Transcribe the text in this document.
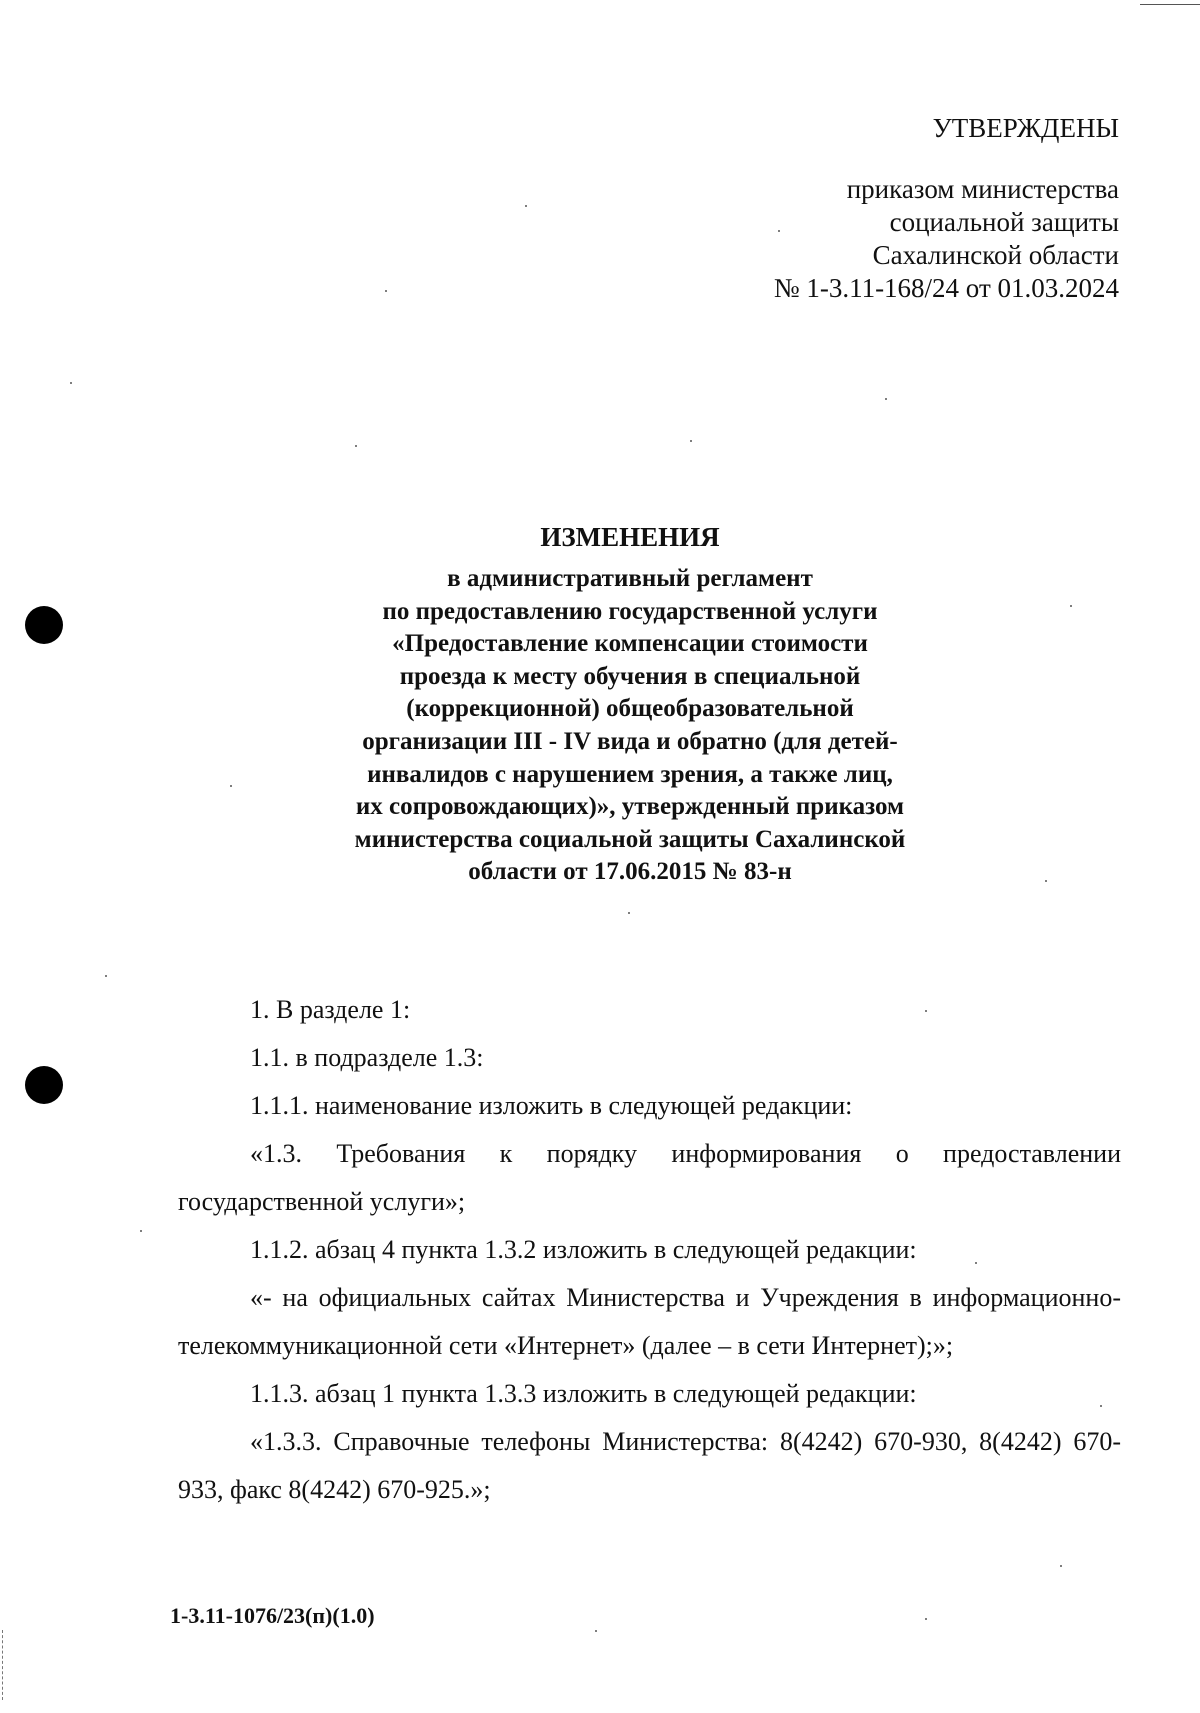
УТВЕРЖДЕНЫ
приказом министерства
социальной защиты
Сахалинской области
№ 1-3.11-168/24 от 01.03.2024
ИЗМЕНЕНИЯ
в административный регламент
по предоставлению государственной услуги
«Предоставление компенсации стоимости
проезда к месту обучения в специальной
(коррекционной) общеобразовательной
организации III - IV вида и обратно (для детей-
инвалидов с нарушением зрения, а также лиц,
их сопровождающих)», утвержденный приказом
министерства социальной защиты Сахалинской
области от 17.06.2015 № 83-н

1. В разделе 1:

1.1. в подразделе 1.3:

1.1.1. наименование изложить в следующей редакции:

«1.3. Требования к порядку информирования о предоставлении государственной услуги»;

1.1.2. абзац 4 пункта 1.3.2 изложить в следующей редакции:

«- на официальных сайтах Министерства и Учреждения в информационно-телекоммуникационной сети «Интернет» (далее – в сети Интернет);»;

1.1.3. абзац 1 пункта 1.3.3 изложить в следующей редакции:

«1.3.3. Справочные телефоны Министерства: 8(4242) 670-930, 8(4242) 670-933, факс 8(4242) 670-925.»;

1-3.11-1076/23(п)(1.0)
